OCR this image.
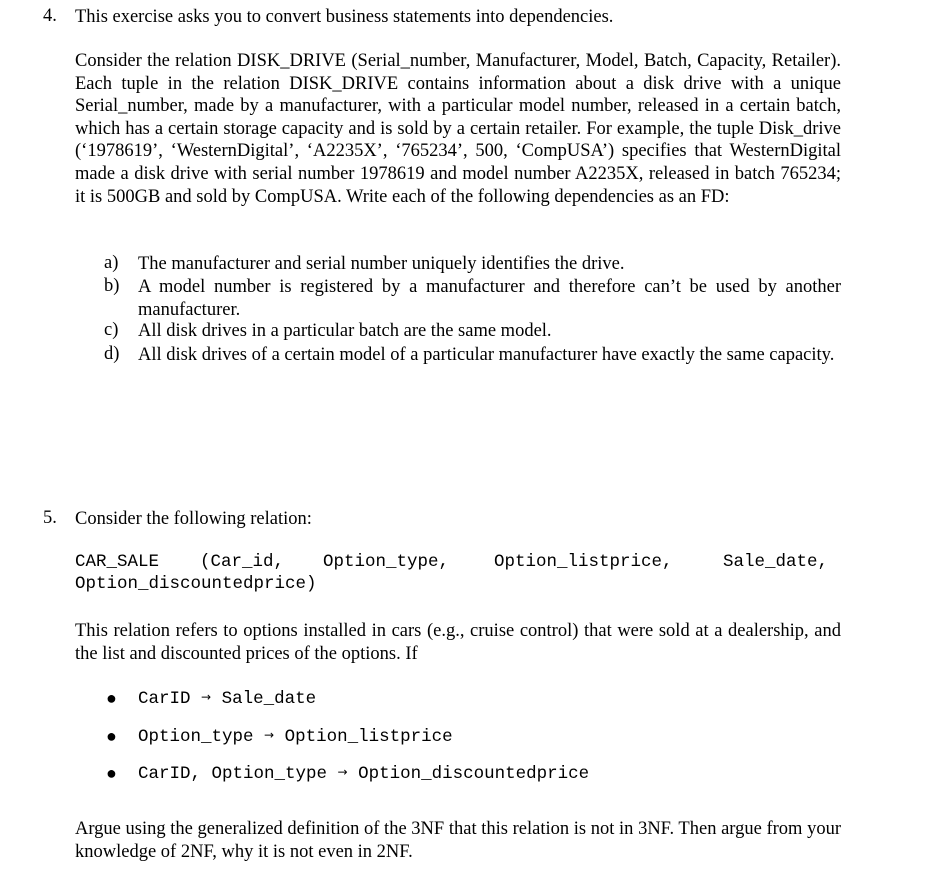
4. This exercise asks you to convert business statements into dependencies.
Consider the relation DISK_DRIVE (Serial_number, Manufacturer, Model, Batch, Capacity, Retailer). Each tuple in the relation DISK_DRIVE contains information about a disk drive with a unique Serial_number, made by a manufacturer, with a particular model number, released in a certain batch, which has a certain storage capacity and is sold by a certain retailer. For example, the tuple Disk_drive (‘1978619’, ‘WesternDigital’, ‘A2235X’, ‘765234’, 500, ‘CompUSA’) specifies that WesternDigital made a disk drive with serial number 1978619 and model number A2235X, released in batch 765234; it is 500GB and sold by CompUSA. Write each of the following dependencies as an FD:
a) The manufacturer and serial number uniquely identifies the drive.
b) A model number is registered by a manufacturer and therefore can’t be used by another manufacturer.
c) All disk drives in a particular batch are the same model.
d) All disk drives of a certain model of a particular manufacturer have exactly the same capacity.
5. Consider the following relation:
CAR_SALE (Car_id, Option_type,	Option_listprice,	Sale_date,
Option_discountedprice)
This relation refers to options installed in cars (e.g., cruise control) that were sold at a dealership, and the list and discounted prices of the options. If
● CarID → Sale_date
● Option_type → Option_listprice
● CarID, Option_type → Option_discountedprice
Argue using the generalized definition of the 3NF that this relation is not in 3NF. Then argue from your knowledge of 2NF, why it is not even in 2NF.
